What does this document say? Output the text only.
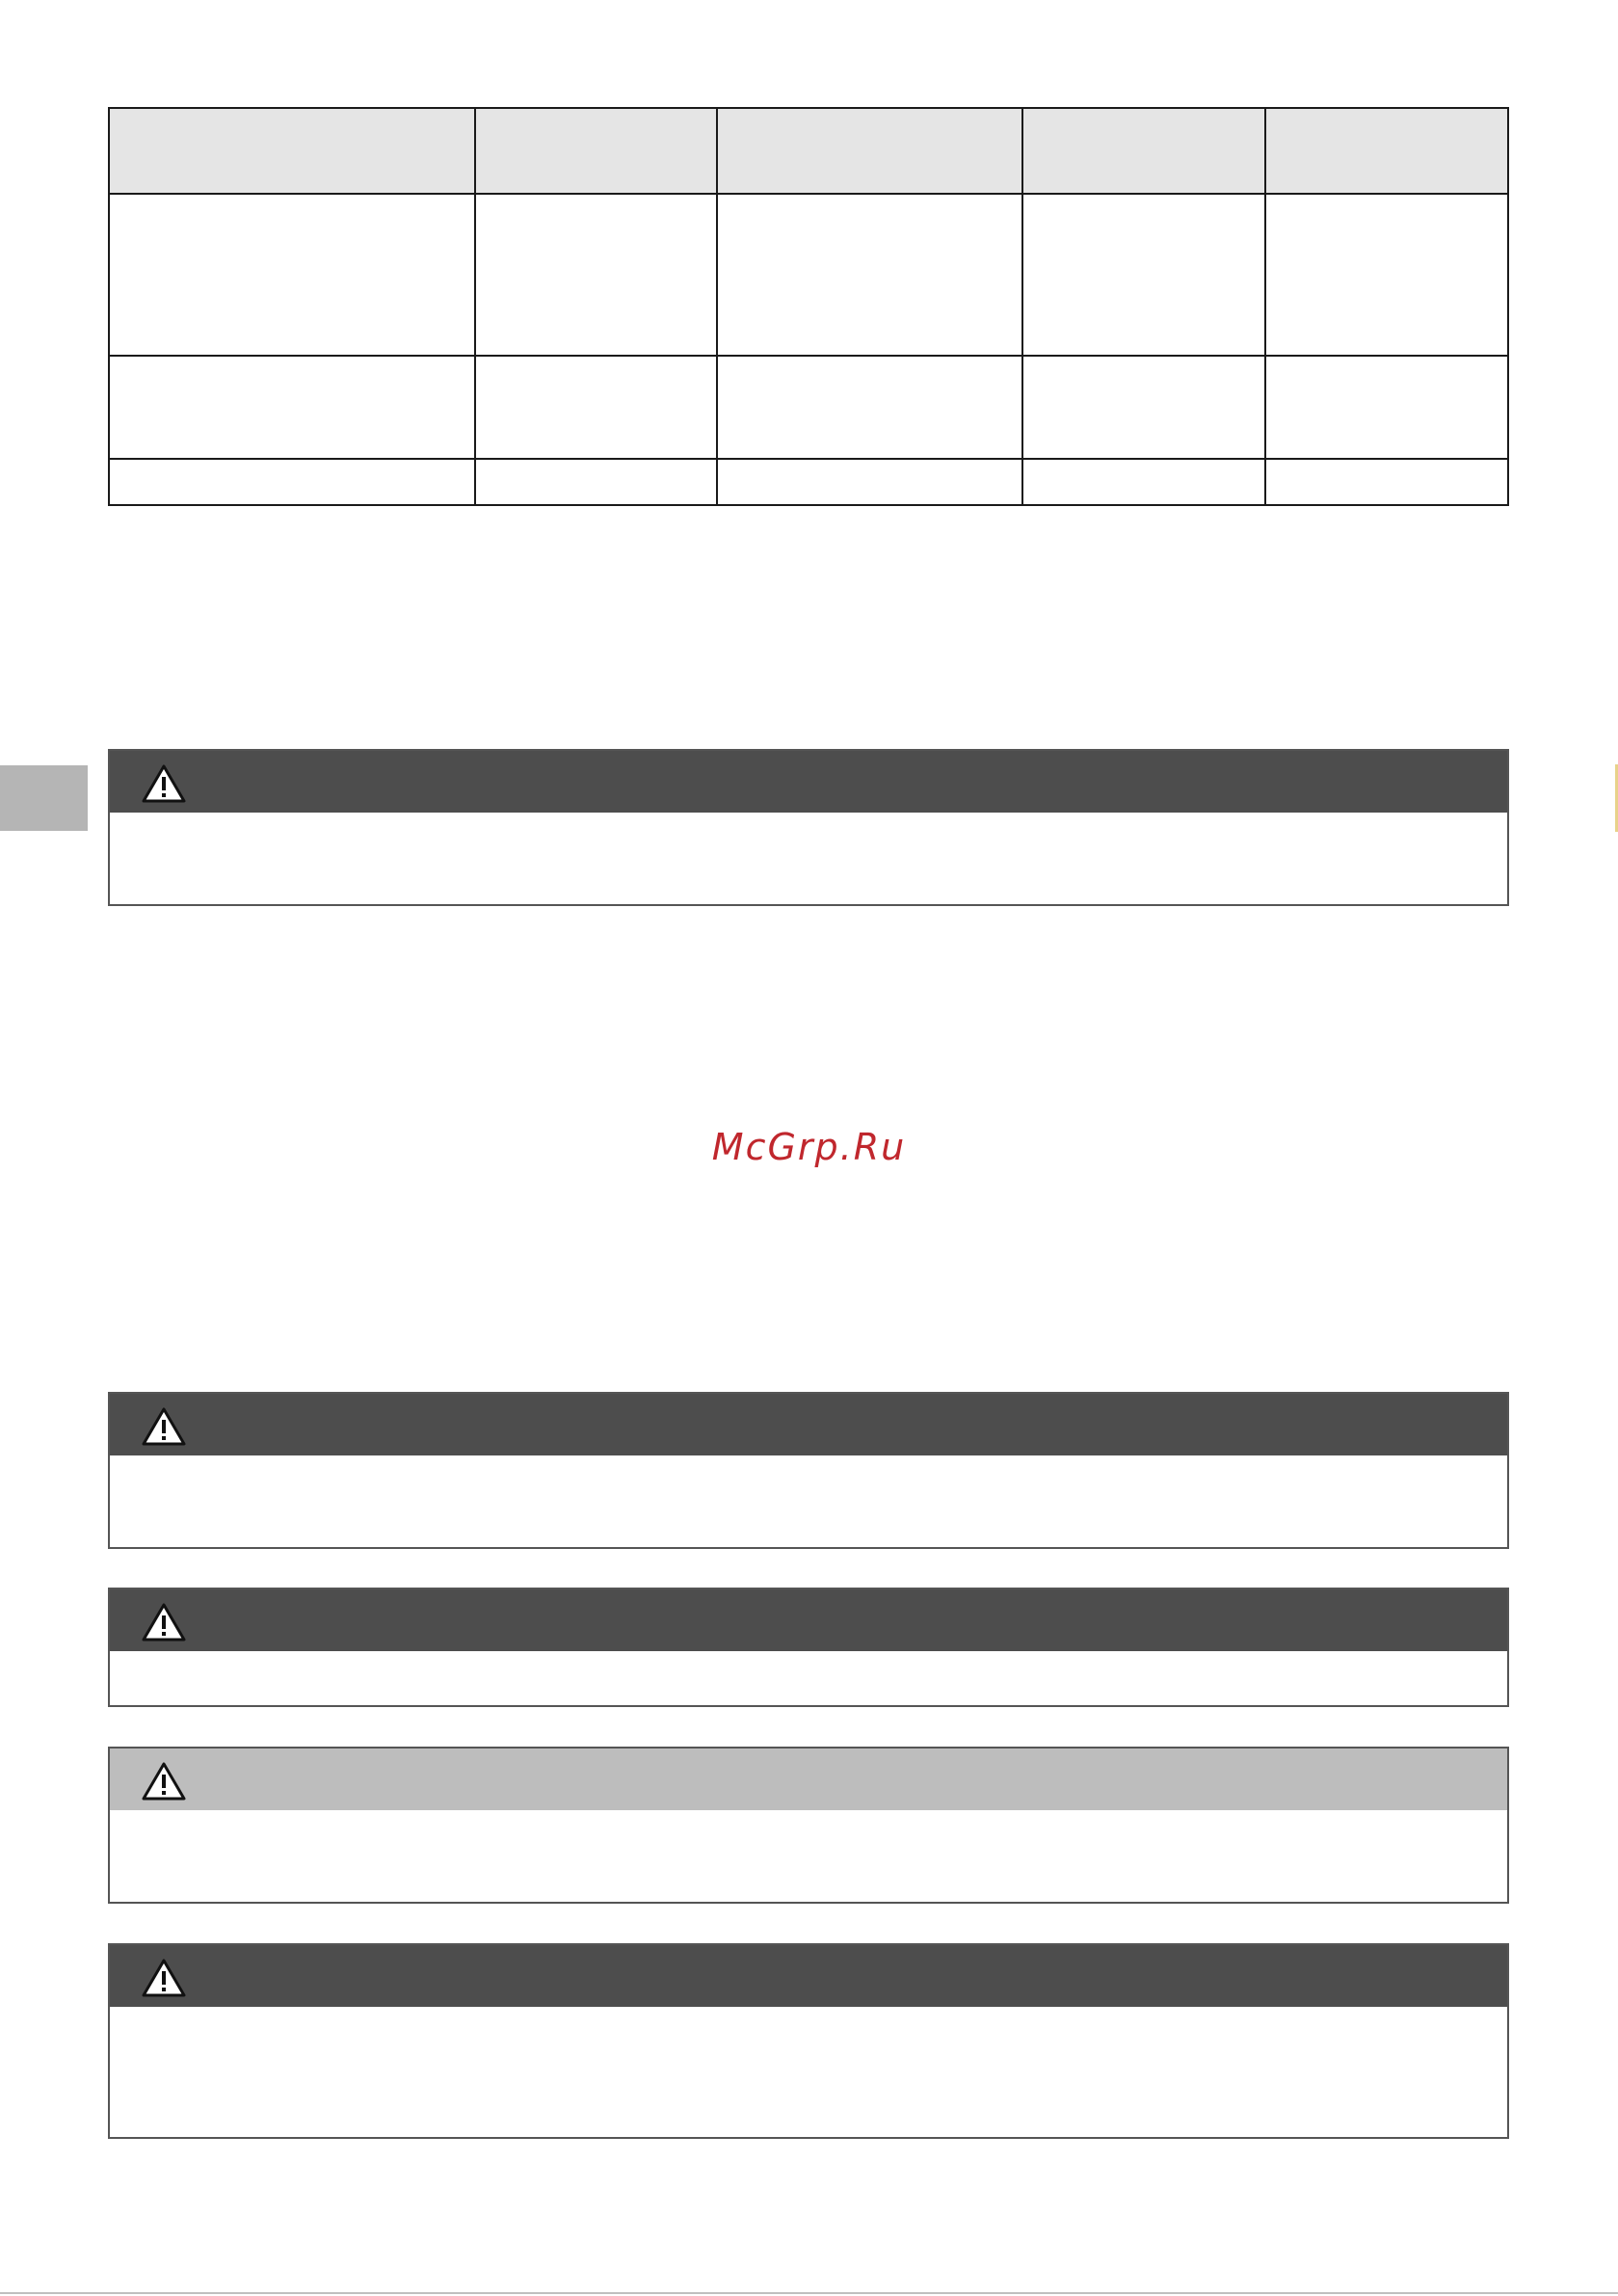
McGrp.Ru
